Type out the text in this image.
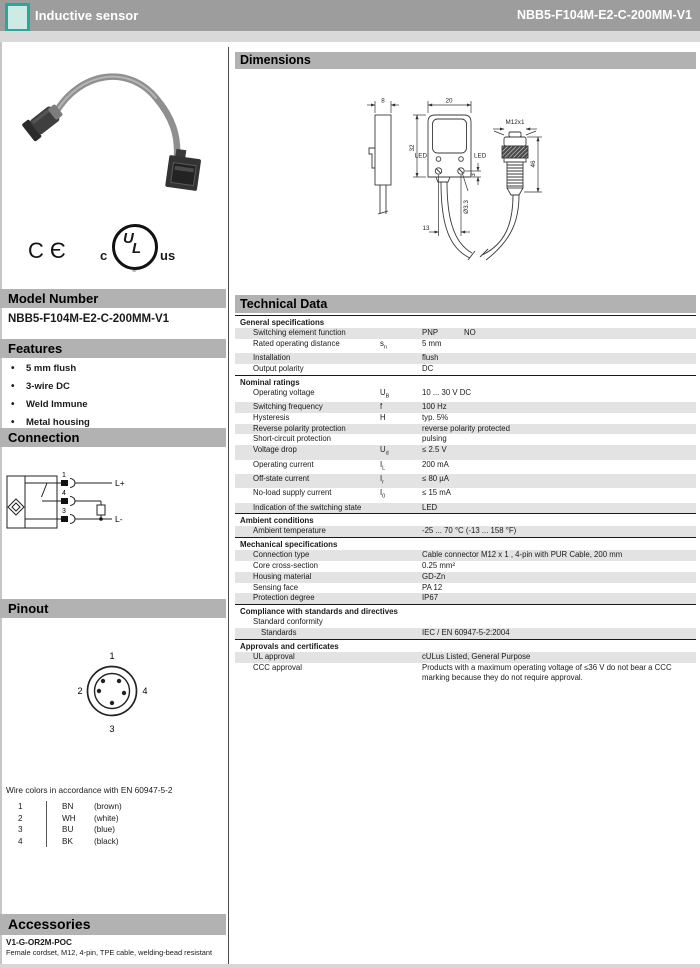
Inductive sensor	NBB5-F104M-E2-C-200MM-V1
CЄ c
U
L us
®
Model Number
NBB5-F104M-E2-C-200MM-V1
Features
•	5 mm flush
•	3-wire DC
•	Weld Immune
•	Metal housing
Connection
1
4
3
L+
L-
Pinout
1
2	4
3
Wire colors in accordance with EN 60947-5-2
1	BN	(brown)
2	WH	(white)
3	BU	(blue)
4	BK	(black)
Accessories
V1-G-OR2M-POC
Female cordset, M12, 4-pin, TPE cable, welding-bead resistant
Dimensions
8	20
32
LED	LED
3
Ø3.3
13
M12x1
46
Technical Data
General specifications
Switching element function	PNP	NO
Rated operating distance	$s_n$	5 mm
Installation	flush
Output polarity	DC
Nominal ratings
Operating voltage	$U_B$	10 ... 30 V DC
Switching frequency	f	100 Hz
Hysteresis	H	typ. 5%
Reverse polarity protection	reverse polarity protected
Short-circuit protection	pulsing
Voltage drop	$U_d$	≤ 2.5 V
Operating current	$I_L$	200 mA
Off-state current	$I_r$	≤ 80 µA
No-load supply current	$I_0$	≤ 15 mA
Indication of the switching state	LED
Ambient conditions
Ambient temperature	-25 ... 70 °C (-13 ... 158 °F)
Mechanical specifications
Connection type	Cable connector M12 x 1 , 4-pin with PUR Cable, 200 mm
Core cross-section	0.25 mm²
Housing material	GD-Zn
Sensing face	PA 12
Protection degree	IP67
Compliance with standards and directives
Standard conformity
Standards	IEC / EN 60947-5-2:2004
Approvals and certificates
UL approval	cULus Listed, General Purpose
CCC approval	Products with a maximum operating voltage of ≤36 V do not bear a CCC marking because they do not require approval.
